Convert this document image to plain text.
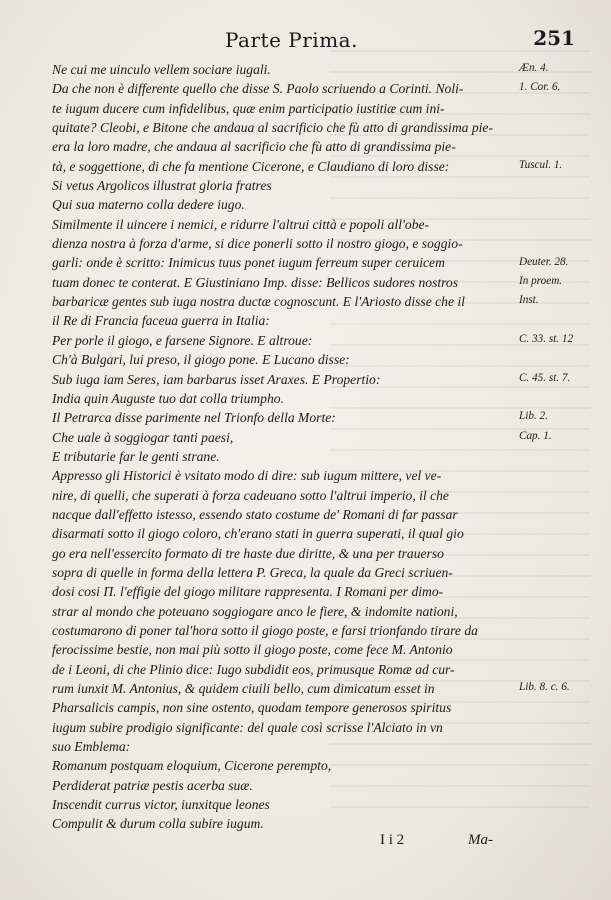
Parte Prima.	251
Ne cui me uinculo vellem sociare iugali.
Da che non è differente quello che disse S. Paolo scriuendo a Corinti. Noli-
te iugum ducere cum infidelibus, quæ enim participatio iustitiæ cum ini-
quitate? Cleobi, e Bitone che andaua al sacrificio che fù atto di grandissima pie-
era la loro madre, che andaua al sacrificio che fù atto di grandissima pie-
tà, e soggettione, di che fa mentione Cicerone, e Claudiano di loro disse:
Si vetus Argolicos illustrat gloria fratres
Qui sua materno colla dedere iugo.
Similmente il uincere i nemici, e ridurre l'altrui città e popoli all'obe-
dienza nostra à forza d'arme, si dice ponerli sotto il nostro giogo, e soggio-
garli: onde è scritto: Inimicus tuus ponet iugum ferreum super ceruicem
tuam donec te conterat. E Giustiniano Imp. disse: Bellicos sudores nostros
barbaricæ gentes sub iuga nostra ductæ cognoscunt. E l'Ariosto disse che il
il Re di Francia faceua guerra in Italia:
Per porle il giogo, e farsene Signore. E altroue:
Ch'à Bulgari, lui preso, il giogo pone. E Lucano disse:
Sub iuga iam Seres, iam barbarus isset Araxes. E Propertio:
India quin Auguste tuo dat colla triumpho.
Il Petrarca disse parimente nel Trionfo della Morte:
Che uale à soggiogar tanti paesi,
E tributarie far le genti strane.
Appresso gli Historici è vsitato modo di dire: sub iugum mittere, vel ve-
nire, di quelli, che superati à forza cadeuano sotto l'altrui imperio, il che
nacque dall'effetto istesso, essendo stato costume de' Romani di far passar
disarmati sotto il giogo coloro, ch'erano stati in guerra superati, il qual gio
go era nell'essercito formato di tre haste due diritte, & una per trauerso
sopra di quelle in forma della lettera P. Greca, la quale da Greci scriuen-
dosi cosi Π. l'effigie del giogo militare rappresenta. I Romani per dimo-
strar al mondo che poteuano soggiogare anco le fiere, & indomite nationi,
costumarono di poner tal'hora sotto il giogo poste, e farsi trionfando tirare da
ferocissime bestie, non mai più sotto il giogo poste, come fece M. Antonio
de i Leoni, di che Plinio dice: Iugo subdidit eos, primusque Romæ ad cur-
rum iunxit M. Antonius, & quidem ciuili bello, cum dimicatum esset in
Pharsalicis campis, non sine ostento, quodam tempore generosos spiritus
iugum subire prodigio significante: del quale così scrisse l'Alciato in vn
suo Emblema:
Romanum postquam eloquium, Cicerone perempto,
Perdiderat patriæ pestis acerba suæ.
Inscendit currus victor, iunxitque leones
Compulit & durum colla subire iugum.
Æn. 4.
1. Cor. 6.
Tuscul. 1.
Deuter. 28.
In proem.
Inst.
C. 33. st. 12
C. 45. st. 7.
Lib. 2.
Cap. 1.
Lib. 8. c. 6.
I i 2	Ma-
